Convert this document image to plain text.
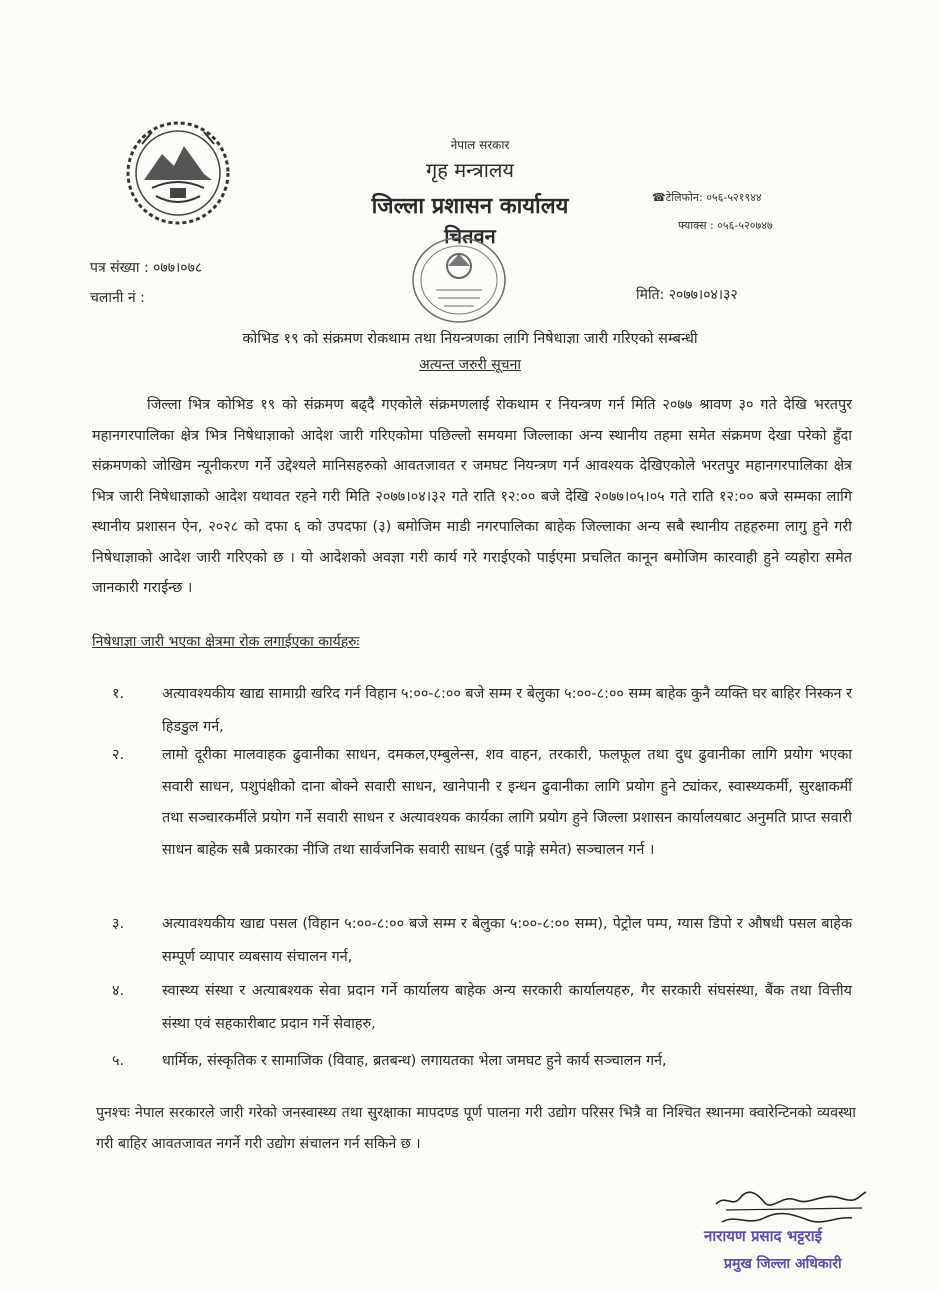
नेपाल सरकार
गृह मन्त्रालय
जिल्ला प्रशासन कार्यालय
चितवन
☎टेलिफोन: ०५६-५२१९४४
फ्याक्स : ०५६-५२०७४७
पत्र संख्या : ०७७।०७८
चलानी नं :	मिति: २०७७।०४।३२
कोभिड १९ को संक्रमण रोकथाम तथा नियन्त्रणका लागि निषेधाज्ञा जारी गरिएको सम्बन्धी
अत्यन्त जरुरी सूचना
जिल्ला भित्र कोभिड १९ को संक्रमण बढ्दै गएकोले संक्रमणलाई रोकथाम र नियन्त्रण गर्न मिति २०७७ श्रावण ३० गते देखि भरतपुर महानगरपालिका क्षेत्र भित्र निषेधाज्ञाको आदेश जारी गरिएकोमा पछिल्लो समयमा जिल्लाका अन्य स्थानीय तहमा समेत संक्रमण देखा परेको हुँदा संक्रमणको जोखिम न्यूनीकरण गर्ने उद्देश्यले मानिसहरुको आवतजावत र जमघट नियन्त्रण गर्न आवश्यक देखिएकोले भरतपुर महानगरपालिका क्षेत्र भित्र जारी निषेधाज्ञाको आदेश यथावत रहने गरी मिति २०७७।०४।३२ गते राति १२:०० बजे देखि २०७७।०५।०५ गते राति १२:०० बजे सम्मका लागि स्थानीय प्रशासन ऐन, २०२८ को दफा ६ को उपदफा (३) बमोजिम माडी नगरपालिका बाहेक जिल्लाका अन्य सबै स्थानीय तहहरुमा लागु हुने गरी निषेधाज्ञाको आदेश जारी गरिएको छ । यो आदेशको अवज्ञा गरी कार्य गरे गराईएको पाईएमा प्रचलित कानून बमोजिम कारवाही हुने व्यहोरा समेत जानकारी गराईन्छ ।
निषेधाज्ञा जारी भएका क्षेत्रमा रोक लगाईएका कार्यहरुः
१.	अत्यावश्यकीय खाद्य सामाग्री खरिद गर्न विहान ५:००-८:०० बजे सम्म र बेलुका ५:००-८:०० सम्म बाहेक कुनै व्यक्ति घर बाहिर निस्कन र हिडडुल गर्न,
२.	लामो दूरीका मालवाहक ढुवानीका साधन, दमकल,एम्बुलेन्स, शव वाहन, तरकारी, फलफूल तथा दुध ढुवानीका लागि प्रयोग भएका सवारी साधन, पशुपंक्षीको दाना बोक्ने सवारी साधन, खानेपानी र इन्धन ढुवानीका लागि प्रयोग हुने ट्यांकर, स्वास्थ्यकर्मी, सुरक्षाकर्मी तथा सञ्चारकर्मीले प्रयोग गर्ने सवारी साधन र अत्यावश्यक कार्यका लागि प्रयोग हुने जिल्ला प्रशासन कार्यालयबाट अनुमति प्राप्त सवारी साधन बाहेक सबै प्रकारका नीजि तथा सार्वजनिक सवारी साधन (दुई पाङ्गे समेत) सञ्चालन गर्न ।
३.	अत्यावश्यकीय खाद्य पसल (विहान ५:००-८:०० बजे सम्म र बेलुका ५:००-८:०० सम्म), पेट्रोल पम्प, ग्यास डिपो र औषधी पसल बाहेक सम्पूर्ण व्यापार व्यबसाय संचालन गर्न,
४.	स्वास्थ्य संस्था र अत्याबश्यक सेवा प्रदान गर्ने कार्यालय बाहेक अन्य सरकारी कार्यालयहरु, गैर सरकारी संघसंस्था, बैंक तथा वित्तीय संस्था एवं सहकारीबाट प्रदान गर्ने सेवाहरु,
५.	धार्मिक, संस्कृतिक र सामाजिक (विवाह, ब्रतबन्ध) लगायतका भेला जमघट हुने कार्य सञ्चालन गर्न,
पुनश्चः नेपाल सरकारले जारी गरेको जनस्वास्थ्य तथा सुरक्षाका मापदण्ड पूर्ण पालना गरी उद्योग परिसर भित्रै वा निश्चित स्थानमा क्वारेन्टिनको व्यवस्था गरी बाहिर आवतजावत नगर्ने गरी उद्योग संचालन गर्न सकिने छ ।
नारायण प्रसाद भट्टराई
प्रमुख जिल्ला अधिकारी
